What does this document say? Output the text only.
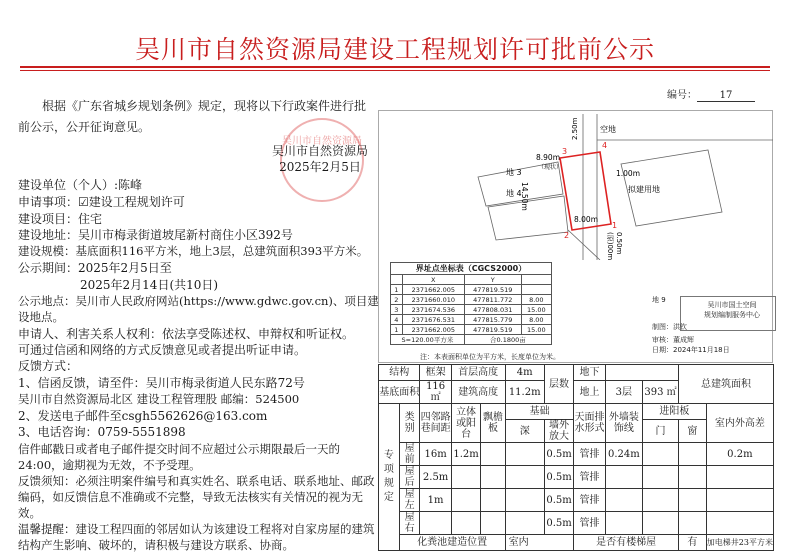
吴川市自然资源局建设工程规划许可批前公示
编号： 17
根据《广东省城乡规划条例》规定，现将以下行政案件进行批前公示，公开征询意见。
吴川市自然资源局
吴川市自然资源局
2025年2月5日
建设单位（个人）:陈峰
申请事项：☑建设工程规划许可
建设项目：住宅
建设地址：吴川市梅录街道坡尾新村商住小区392号
建设规模：基底面积116平方米，地上3层，总建筑面积393平方米。
公示期间：2025年2月5日至
2025年2月14日(共10日)
公示地点：吴川市人民政府网站(https://www.gdwc.gov.cn)、项目建设地点。
申请人、利害关系人权利：依法享受陈述权、申辩权和听证权。
可通过信函和网络的方式反馈意见或者提出听证申请。
反馈方式：
1、信函反馈，请至件：吴川市梅录街道人民东路72号
吴川市自然资源局北区 建设工程管理股 邮编：524500
2、发送电子邮件至csgh5562626@163.com
3、电话咨询：0759-5551898
信件邮戳日或者电子邮件提交时间不应超过公示期限最后一天的24:00，逾期视为无效，不予受理。
反馈须知：必须注明案件编号和真实姓名、联系电话、联系地址、邮政编码，如反馈信息不准确或不完整，导致无法核实有关情况的视为无效。
温馨提醒：建设工程四面的邻居如认为该建设工程将对自家房屋的建筑结构产生影响、破坏的，请积极与建设方联系、协商。
空地
2.50m
8.90m
（现状）
14.50m
8.00m
1.00m
0.50m
(原)00m
地 3
地 4	拟建用地
3
4
2
1
界址点坐标表（CGCS2000）			
	X	Y	
1	2371662.005	477819.519	
2	2371660.010	477811.772	8.00
3	2371674.536	477808.031	15.00
4	2371676.531	477815.779	8.00
1	2371662.005	477819.519	15.00
S=120.00平方米		合0.1800亩	
吴川市国土空间
规划编制服务中心
地 9
制图：洪钦
审核：董成辉
日期：2024年11月18日
注：本表面积单位为平方米，长度单位为米。
结构		框架	首层高度		4m	层数	地下			总建筑面积	
基底面积		116 ㎡	建筑高度		11.2m		地上	3层	393 ㎡		
专项规定	类别	四邻路巷间距	立体或阳台	飘檐板	基础		天面排水形式	外墙装饰线	进阳板		室内外高差
					深	墙外放大			门	窗	
	屋前	16m	1.2m			0.5m	管排	0.24m			0.2m
	屋后	2.5m				0.5m	管排				
	屋左	1m				0.5m	管排				
	屋右					0.5m	管排				
	化粪池建造位置				室内		是否有楼梯屋			有	加电梯井23平方米
